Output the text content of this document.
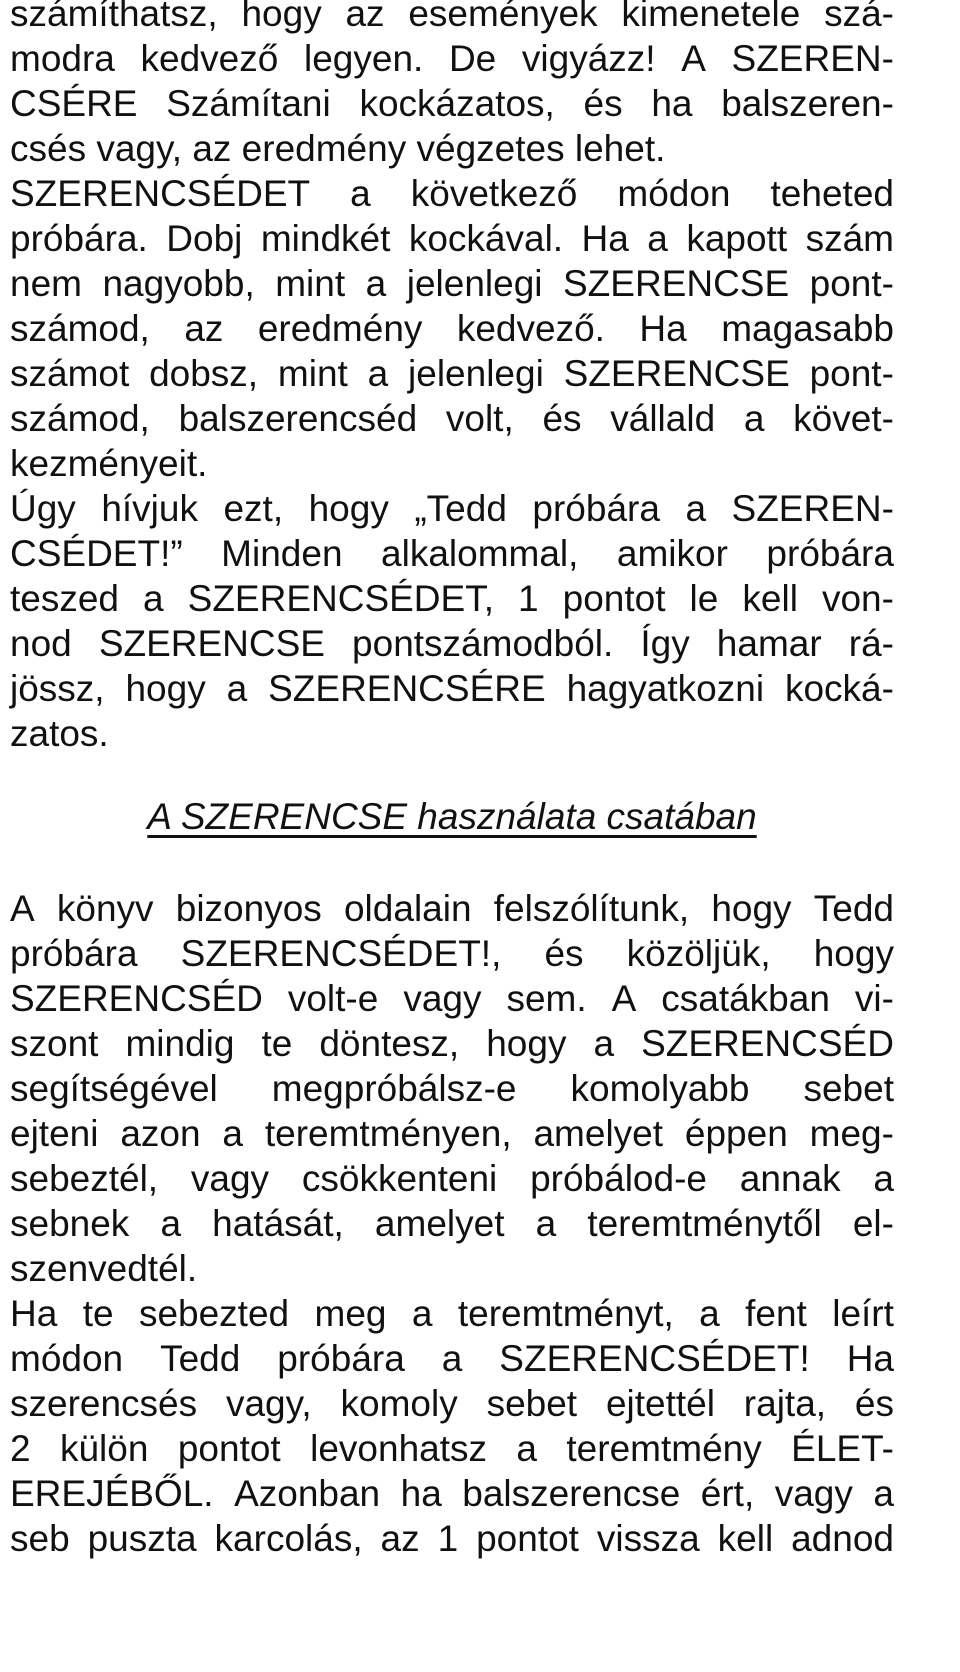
számíthatsz, hogy az események kimenetele szá-
modra kedvező legyen. De vigyázz! A SZEREN-
CSÉRE Számítani kockázatos, és ha balszeren-
csés vagy, az eredmény végzetes lehet.
SZERENCSÉDET a következő módon teheted
próbára. Dobj mindkét kockával. Ha a kapott szám
nem nagyobb, mint a jelenlegi SZERENCSE pont-
számod, az eredmény kedvező. Ha magasabb
számot dobsz, mint a jelenlegi SZERENCSE pont-
számod, balszerencséd volt, és vállald a követ-
kezményeit.

Úgy hívjuk ezt, hogy „Tedd próbára a SZEREN-
CSÉDET!” Minden alkalommal, amikor próbára
teszed a SZERENCSÉDET, 1 pontot le kell von-
nod SZERENCSE pontszámodból. Így hamar rá-
jössz, hogy a SZERENCSÉRE hagyatkozni kocká-
zatos.

A SZERENCSE használata csatában

A könyv bizonyos oldalain felszólítunk, hogy Tedd
próbára SZERENCSÉDET!, és közöljük, hogy
SZERENCSÉD volt-e vagy sem. A csatákban vi-
szont mindig te döntesz, hogy a SZERENCSÉD
segítségével megpróbálsz-e komolyabb sebet
ejteni azon a teremtményen, amelyet éppen meg-
sebeztél, vagy csökkenteni próbálod-e annak a
sebnek a hatását, amelyet a teremtménytől el-
szenvedtél.

Ha te sebezted meg a teremtményt, a fent leírt
módon Tedd próbára a SZERENCSÉDET! Ha
szerencsés vagy, komoly sebet ejtettél rajta, és
2 külön pontot levonhatsz a teremtmény ÉLET-
EREJÉBŐL. Azonban ha balszerencse ért, vagy a
seb puszta karcolás, az 1 pontot vissza kell adnod
